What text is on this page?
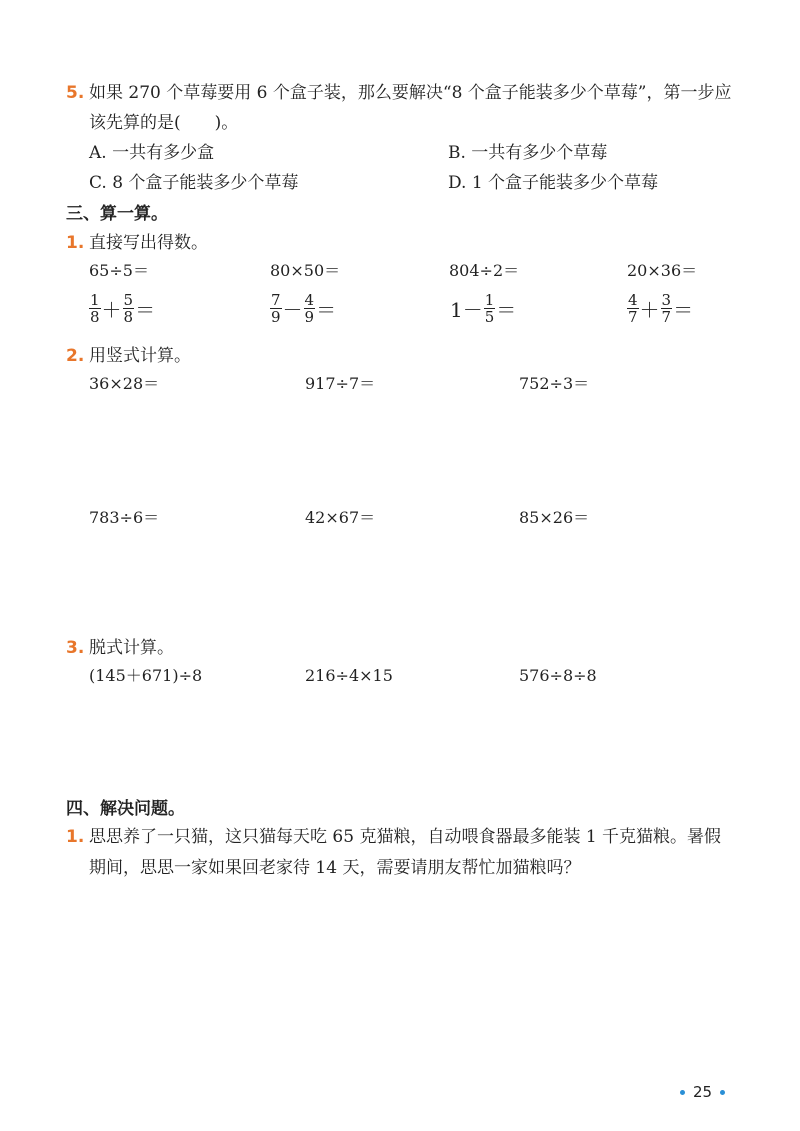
5. 如果 270 个草莓要用 6 个盒子装，那么要解决“8 个盒子能装多少个草莓”，第一步应
该先算的是(　　)。
A. 一共有多少盒	B. 一共有多少个草莓
C. 8 个盒子能装多少个草莓	D. 1 个盒子能装多少个草莓
三、算一算。
1. 直接写出得数。
65÷5＝	80×50＝	804÷2＝	20×36＝
$\frac{1}{8} + \frac{5}{8}$ ＝	$\frac{7}{9} - \frac{4}{9}$ ＝	$1- \frac{1}{5}$ ＝	$\frac{4}{7} + \frac{3}{7}$ ＝
2. 用竖式计算。
36×28＝	917÷7＝	752÷3＝
783÷6＝	42×67＝	85×26＝
3. 脱式计算。
(145＋671)÷8	216÷4×15	576÷8÷8
四、解决问题。
1. 思思养了一只猫，这只猫每天吃 65 克猫粮，自动喂食器最多能装 1 千克猫粮。暑假
期间，思思一家如果回老家待 14 天，需要请朋友帮忙加猫粮吗？
25
